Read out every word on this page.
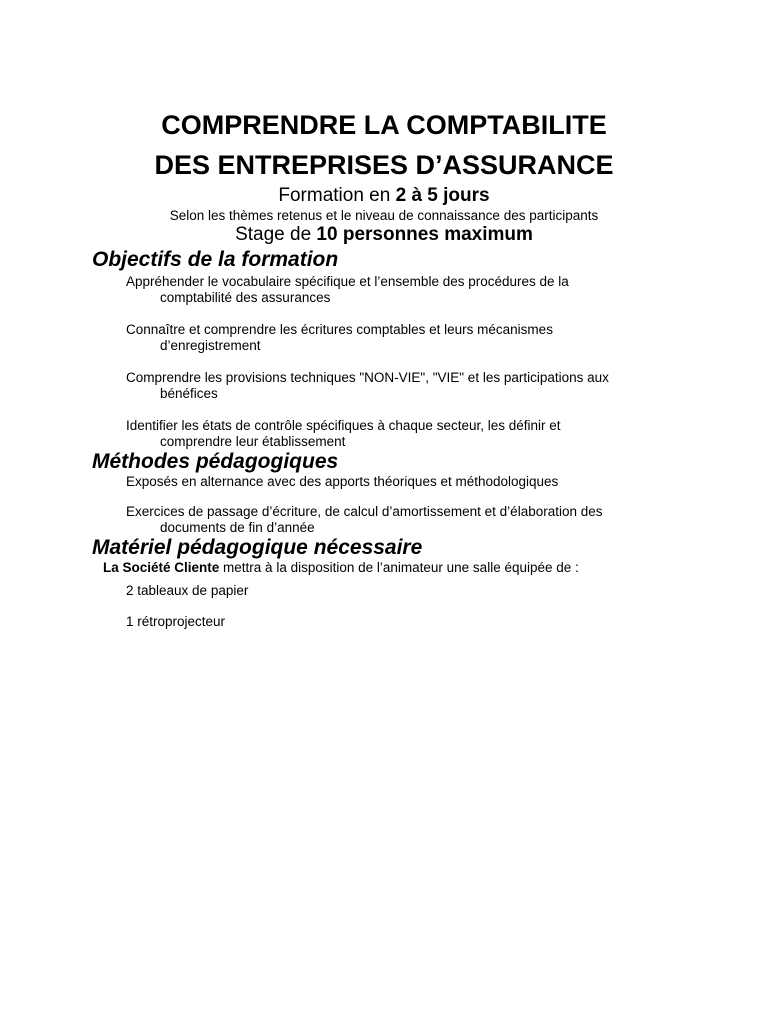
COMPRENDRE LA COMPTABILITE
DES ENTREPRISES D’ASSURANCE

Formation en 2 à 5 jours

Selon les thèmes retenus et le niveau de connaissance des participants

Stage de 10 personnes maximum

Objectifs de la formation

Appréhender le vocabulaire spécifique et l’ensemble des procédures de la
comptabilité des assurances

Connaître et comprendre les écritures comptables et leurs mécanismes
d’enregistrement

Comprendre les provisions techniques "NON-VIE", "VIE" et les participations aux
bénéfices

Identifier les états de contrôle spécifiques à chaque secteur, les définir et
comprendre leur établissement

Méthodes pédagogiques

Exposés en alternance avec des apports théoriques et méthodologiques

Exercices de passage d’écriture, de calcul d’amortissement et d’élaboration des
documents de fin d’année

Matériel pédagogique nécessaire

La Société Cliente mettra à la disposition de l’animateur une salle équipée de :

2 tableaux de papier

1 rétroprojecteur
